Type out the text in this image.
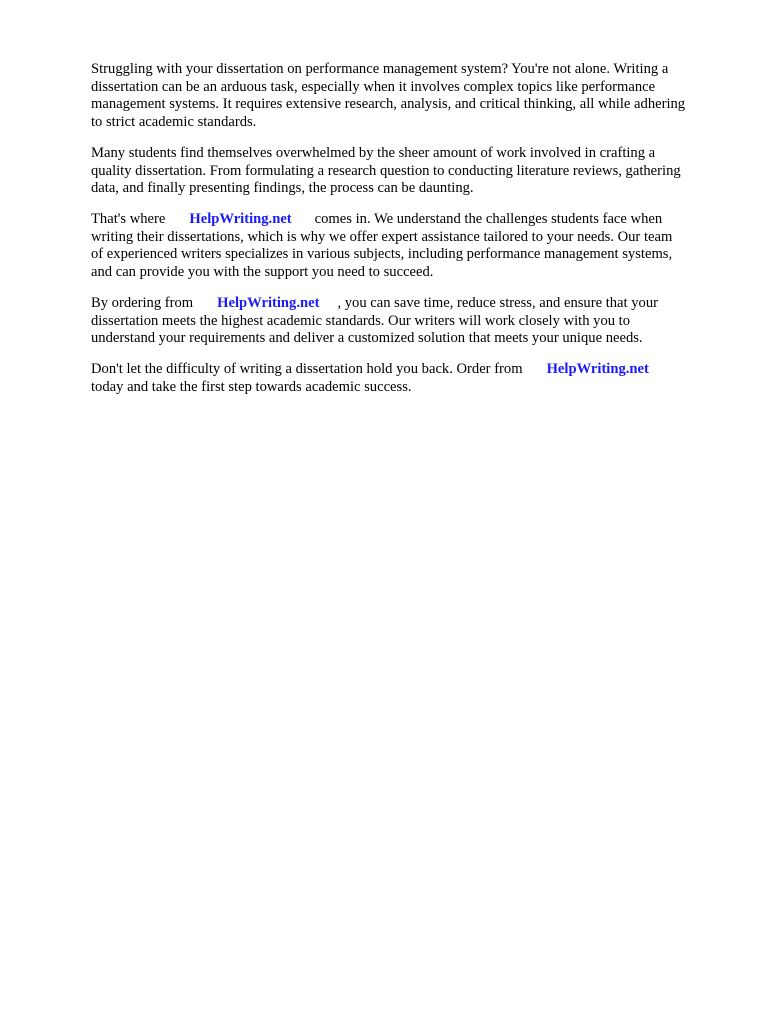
Struggling with your dissertation on performance management system? You're not alone. Writing a
dissertation can be an arduous task, especially when it involves complex topics like performance
management systems. It requires extensive research, analysis, and critical thinking, all while adhering
to strict academic standards.
Many students find themselves overwhelmed by the sheer amount of work involved in crafting a
quality dissertation. From formulating a research question to conducting literature reviews, gathering
data, and finally presenting findings, the process can be daunting.
That's where HelpWriting.net comes in. We understand the challenges students face when
writing their dissertations, which is why we offer expert assistance tailored to your needs. Our team
of experienced writers specializes in various subjects, including performance management systems,
and can provide you with the support you need to succeed.
By ordering from HelpWriting.net , you can save time, reduce stress, and ensure that your
dissertation meets the highest academic standards. Our writers will work closely with you to
understand your requirements and deliver a customized solution that meets your unique needs.
Don't let the difficulty of writing a dissertation hold you back. Order from HelpWriting.net
today and take the first step towards academic success.
